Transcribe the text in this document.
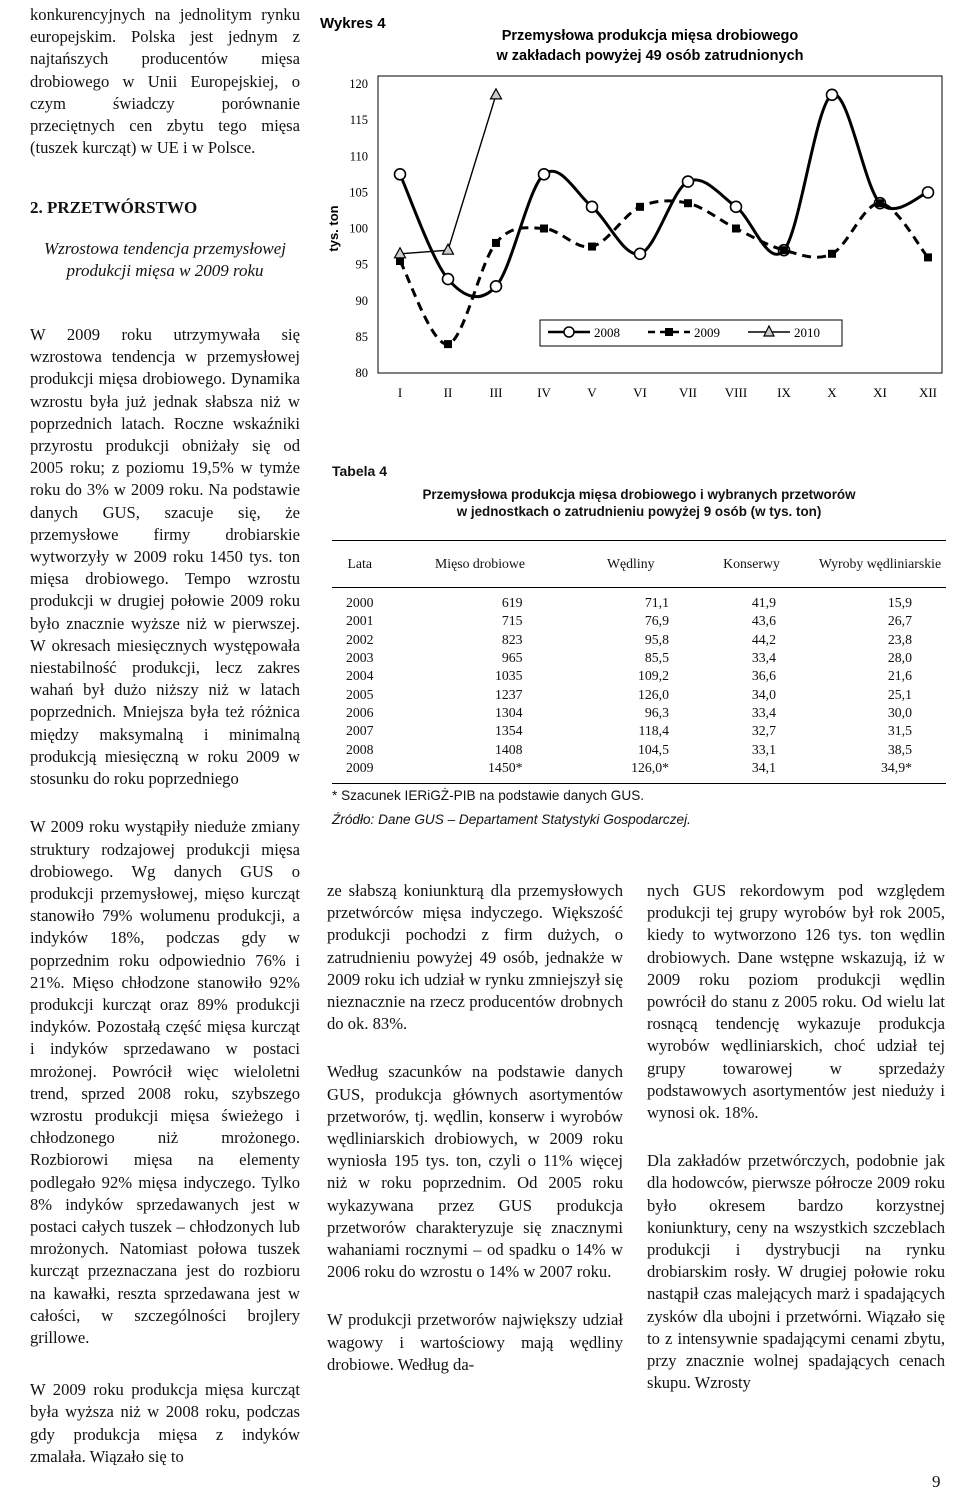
konkurencyjnych na jednolitym rynku europejskim. Polska jest jednym z najtańszych producentów mięsa drobiowego w Unii Europejskiej, o czym świadczy porównanie przeciętnych cen zbytu tego mięsa (tuszek kurcząt) w UE i w Polsce.

2. PRZETWÓRSTWO

Wzrostowa tendencja przemysłowej produkcji mięsa w 2009 roku

W 2009 roku utrzymywała się wzrostowa tendencja w przemysłowej produkcji mięsa drobiowego. Dynamika wzrostu była już jednak słabsza niż w poprzednich latach. Roczne wskaźniki przyrostu produkcji obniżały się od 2005 roku; z poziomu 19,5% w tymże roku do 3% w 2009 roku. Na podstawie danych GUS, szacuje się, że przemysłowe firmy drobiarskie wytworzyły w 2009 roku 1450 tys. ton mięsa drobiowego. Tempo wzrostu produkcji w drugiej połowie 2009 roku było znacznie wyższe niż w pierwszej. W okresach miesięcznych występowała niestabilność produkcji, lecz zakres wahań był dużo niższy niż w latach poprzednich. Mniejsza była też różnica między maksymalną i minimalną produkcją miesięczną w roku 2009 w stosunku do roku poprzedniego

W 2009 roku wystąpiły nieduże zmiany struktury rodzajowej produkcji mięsa drobiowego. Wg danych GUS o produkcji przemysłowej, mięso kurcząt stanowiło 79% wolumenu produkcji, a indyków 18%, podczas gdy w poprzednim roku odpowiednio 76% i 21%. Mięso chłodzone stanowiło 92% produkcji kurcząt oraz 89% produkcji indyków. Pozostałą część mięsa kurcząt i indyków sprzedawano w postaci mrożonej. Powrócił więc wieloletni trend, sprzed 2008 roku, szybszego wzrostu produkcji mięsa świeżego i chłodzonego niż mrożonego. Rozbiorowi mięsa na elementy podlegało 92% mięsa indyczego. Tylko 8% indyków sprzedawanych jest w postaci całych tuszek – chłodzonych lub mrożonych. Natomiast połowa tuszek kurcząt przeznaczana jest do rozbioru na kawałki, reszta sprzedawana jest w całości, w szczególności brojlery grillowe.

W 2009 roku produkcja mięsa kurcząt była wyższa niż w 2008 roku, podczas gdy produkcja mięsa z indyków zmalała. Wiązało się to

Wykres 4
Przemysłowa produkcja mięsa drobiowego
w zakładach powyżej 49 osób zatrudnionych
80
85
90
95
100
105
110
115
120
tys. ton
I	II	III	IV	V	VI VII VIII IX	X	XI XII
2008	2009	2010
Tabela 4
Przemysłowa produkcja mięsa drobiowego i wybranych przetworów
w jednostkach o zatrudnieniu powyżej 9 osób (w tys. ton)
Lata	Mięso drobiowe	Wędliny	Konserwy	Wyroby wędliniarskie
2000	619	71,1	41,9	15,9
2001	715	76,9	43,6	26,7
2002	823	95,8	44,2	23,8
2003	965	85,5	33,4	28,0
2004	1035	109,2	36,6	21,6
2005	1237	126,0	34,0	25,1
2006	1304	96,3	33,4	30,0
2007	1354	118,4	32,7	31,5
2008	1408	104,5	33,1	38,5
2009	1450*	126,0*	34,1	34,9*
* Szacunek IERiGŻ-PIB na podstawie danych GUS.
Źródło: Dane GUS – Departament Statystyki Gospodarczej.

ze słabszą koniunkturą dla przemysłowych przetwórców mięsa indyczego. Większość produkcji pochodzi z firm dużych, o zatrudnieniu powyżej 49 osób, jednakże w 2009 roku ich udział w rynku zmniejszył się nieznacznie na rzecz producentów drobnych do ok. 83%.

Według szacunków na podstawie danych GUS, produkcja głównych asortymentów przetworów, tj. wędlin, konserw i wyrobów wędliniarskich drobiowych, w 2009 roku wyniosła 195 tys. ton, czyli o 11% więcej niż w roku poprzednim. Od 2005 roku wykazywana przez GUS produkcja przetworów charakteryzuje się znacznymi wahaniami rocznymi – od spadku o 14% w 2006 roku do wzrostu o 14% w 2007 roku.

W produkcji przetworów największy udział wagowy i wartościowy mają wędliny drobiowe. Według da-

nych GUS rekordowym pod względem produkcji tej grupy wyrobów był rok 2005, kiedy to wytworzono 126 tys. ton wędlin drobiowych. Dane wstępne wskazują, iż w 2009 roku poziom produkcji wędlin powrócił do stanu z 2005 roku. Od wielu lat rosnącą tendencję wykazuje produkcja wyrobów wędliniarskich, choć udział tej grupy towarowej w sprzedaży podstawowych asortymentów jest nieduży i wynosi ok. 18%.

Dla zakładów przetwórczych, podobnie jak dla hodowców, pierwsze półrocze 2009 roku było okresem bardzo korzystnej koniunktury, ceny na wszystkich szczeblach produkcji i dystrybucji na rynku drobiarskim rosły. W drugiej połowie roku nastąpił czas malejących marż i spadających zysków dla ubojni i przetwórni. Wiązało się to z intensywnie spadającymi cenami zbytu, przy znacznie wolnej spadających cenach skupu. Wzrosty

9
